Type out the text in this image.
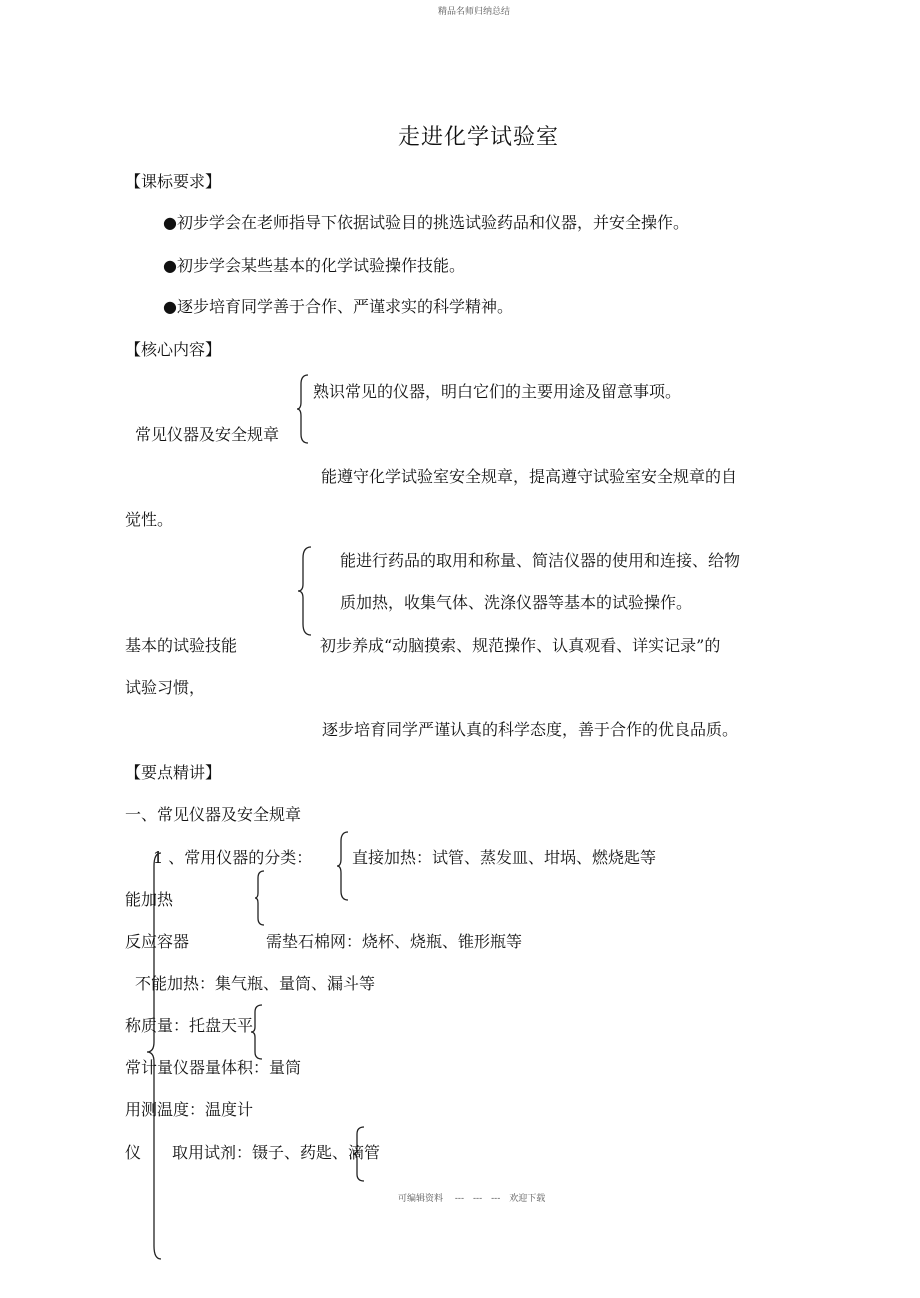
精品名师归纳总结
走进化学试验室
【课标要求】
●初步学会在老师指导下依据试验目的挑选试验药品和仪器，并安全操作。
●初步学会某些基本的化学试验操作技能。
●逐步培育同学善于合作、严谨求实的科学精神。
【核心内容】
熟识常见的仪器，明白它们的主要用途及留意事项。
常见仪器及安全规章
能遵守化学试验室安全规章，提高遵守试验室安全规章的自
觉性。
能进行药品的取用和称量、简洁仪器的使用和连接、给物
质加热，收集气体、洗涤仪器等基本的试验操作。
基本的试验技能	初步养成“动脑摸索、规范操作、认真观看、详实记录”的
试验习惯，
逐步培育同学严谨认真的科学态度，善于合作的优良品质。
【要点精讲】
一、常见仪器及安全规章
1 、常用仪器的分类： 直接加热：试管、蒸发皿、坩埚、燃烧匙等
能加热
反应容器	需垫石棉网：烧杯、烧瓶、锥形瓶等
不能加热：集气瓶、量筒、漏斗等
称质量：托盘天平
常计量仪器量体积：量筒
用测温度：温度计
仪 取用试剂：镊子、药匙、滴管
可编辑资料　 ---　---　---　欢迎下载
